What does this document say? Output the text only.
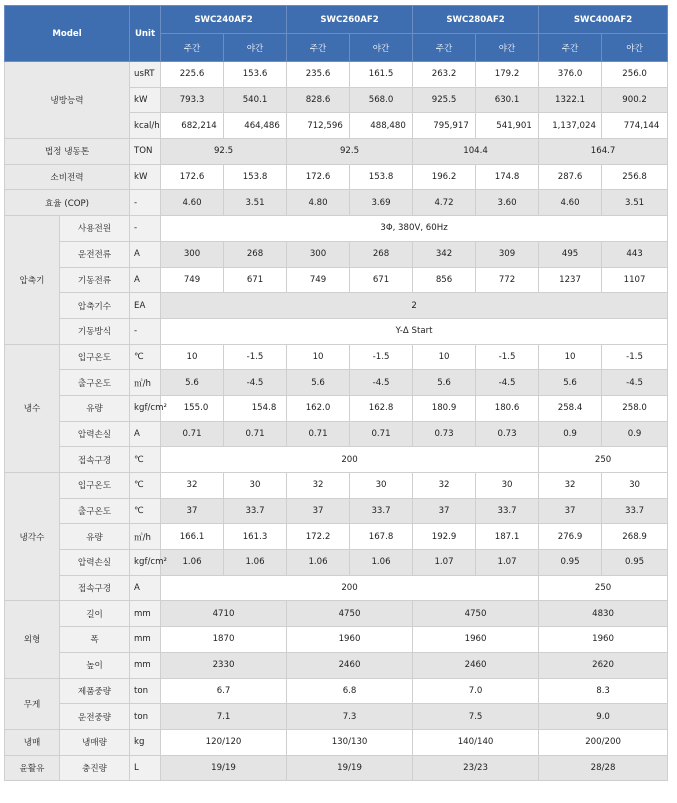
Model		Unit	SWC240AF2		SWC260AF2		SWC280AF2		SWC400AF2	
			주간	야간	주간	야간	주간	야간	주간	야간
냉방능력		usRT	225.6	153.6	235.6	161.5	263.2	179.2	376.0	256.0
		kW	793.3	540.1	828.6	568.0	925.5	630.1	1322.1	900.2
		kcal/h	682,214	464,486	712,596	488,480	795,917	541,901	1,137,024	774,144
법정 냉동톤		TON	92.5		92.5		104.4		164.7	
소비전력		kW	172.6	153.8	172.6	153.8	196.2	174.8	287.6	256.8
효율 (COP)		-	4.60	3.51	4.80	3.69	4.72	3.60	4.60	3.51
압축기	사용전원	-	3Φ, 380V, 60Hz							
	운전전류	A	300	268	300	268	342	309	495	443
	기동전류	A	749	671	749	671	856	772	1237	1107
	압축기수	EA	2							
	기동방식	-	Y-Δ Start							
냉수	입구온도	℃	10	-1.5	10	-1.5	10	-1.5	10	-1.5
	출구온도	㎥/h	5.6	-4.5	5.6	-4.5	5.6	-4.5	5.6	-4.5
	유량	kgf/cm²	155.0	154.8	162.0	162.8	180.9	180.6	258.4	258.0
	압력손실	A	0.71	0.71	0.71	0.71	0.73	0.73	0.9	0.9
	접속구경	℃	200						250	
냉각수	입구온도	℃	32	30	32	30	32	30	32	30
	출구온도	℃	37	33.7	37	33.7	37	33.7	37	33.7
	유량	㎥/h	166.1	161.3	172.2	167.8	192.9	187.1	276.9	268.9
	압력손실	kgf/cm²	1.06	1.06	1.06	1.06	1.07	1.07	0.95	0.95
	접속구경	A	200						250	
외형	길이	mm	4710		4750		4750		4830	
	폭	mm	1870		1960		1960		1960	
	높이	mm	2330		2460		2460		2620	
무게	제품중량	ton	6.7		6.8		7.0		8.3	
	운전중량	ton	7.1		7.3		7.5		9.0	
냉매	냉매량	kg	120/120		130/130		140/140		200/200	
윤활유	충진량	L	19/19		19/19		23/23		28/28	
